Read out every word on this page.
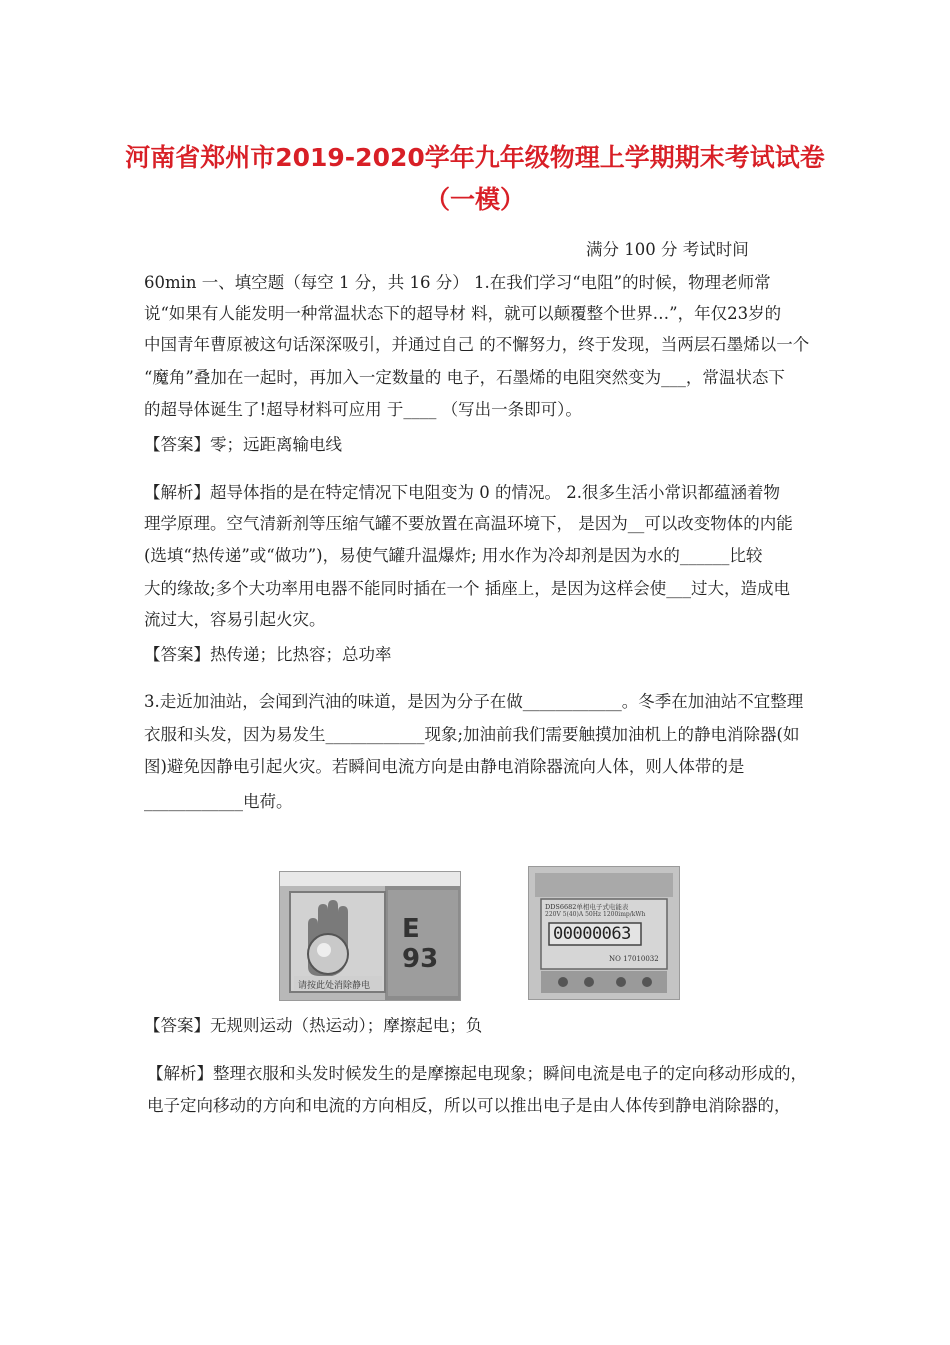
河南省郑州市2019-2020学年九年级物理上学期期末考试试卷
（一模）
满分 100 分 考试时间
60min 一、填空题（每空 1 分，共 16 分） 1.在我们学习“电阻”的时候，物理老师常
说“如果有人能发明一种常温状态下的超导材 料，就可以颠覆整个世界…”，年仅23岁的
中国青年曹原被这句话深深吸引，并通过自己 的不懈努力，终于发现，当两层石墨烯以一个
“魔角”叠加在一起时，再加入一定数量的 电子，石墨烯的电阻突然变为___，常温状态下
的超导体诞生了!超导材料可应用 于____ （写出一条即可）。
【答案】零；远距离输电线
【解析】超导体指的是在特定情况下电阻变为 0 的情况。 2.很多生活小常识都蕴涵着物
理学原理。空气清新剂等压缩气罐不要放置在高温环境下， 是因为__可以改变物体的内能
(选填“热传递”或“做功”)，易使气罐升温爆炸; 用水作为冷却剂是因为水的______比较
大的缘故;多个大功率用电器不能同时插在一个 插座上，是因为这样会使___过大，造成电
流过大，容易引起火灾。
【答案】热传递；比热容；总功率
3.走近加油站，会闻到汽油的味道，是因为分子在做____________。冬季在加油站不宜整理
衣服和头发，因为易发生____________现象;加油前我们需要触摸加油机上的静电消除器(如
图)避免因静电引起火灾。若瞬间电流方向是由静电消除器流向人体，则人体带的是
____________电荷。
E 93
请按此处消除静电
DDS6682单相电子式电能表
220V 5(40)A 50Hz 1200imp/kWh
00000063
NO 17010032
【答案】无规则运动（热运动）；摩擦起电；负
【解析】整理衣服和头发时候发生的是摩擦起电现象；瞬间电流是电子的定向移动形成的，
电子定向移动的方向和电流的方向相反，所以可以推出电子是由人体传到静电消除器的，
